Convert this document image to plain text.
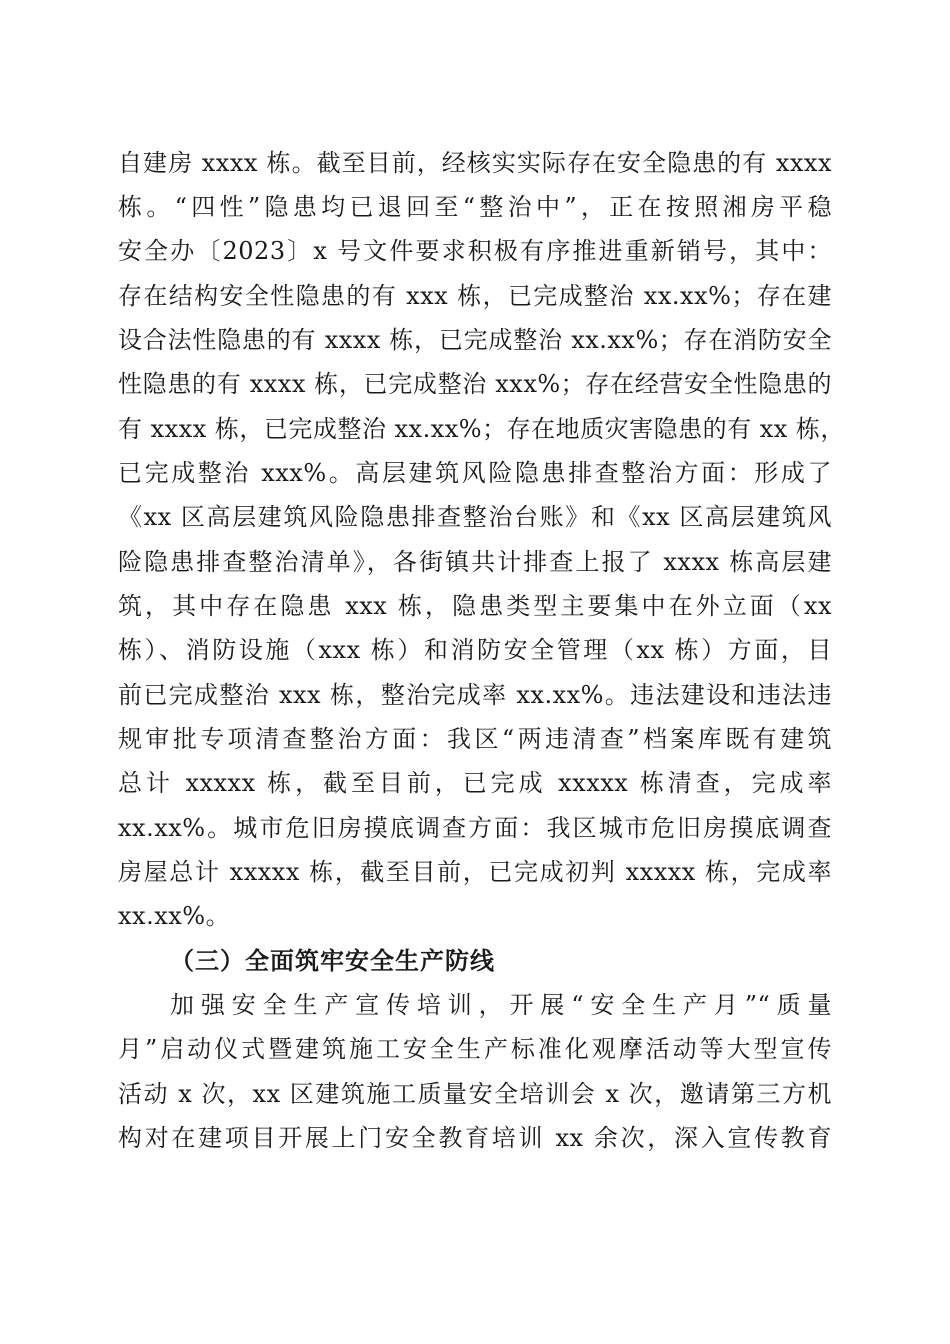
自建房 xxxx 栋。截至目前，经核实实际存在安全隐患的有 xxxx
栋。“四性”隐患均已退回至“整治中”，正在按照湘房平稳
安全办〔2023〕x 号文件要求积极有序推进重新销号，其中：
存在结构安全性隐患的有 xxx 栋，已完成整治 xx.xx%；存在建
设合法性隐患的有 xxxx 栋，已完成整治 xx.xx%；存在消防安全
性隐患的有 xxxx 栋，已完成整治 xxx%；存在经营安全性隐患的
有 xxxx 栋，已完成整治 xx.xx%；存在地质灾害隐患的有 xx 栋，
已完成整治 xxx%。高层建筑风险隐患排查整治方面：形成了
《xx 区高层建筑风险隐患排查整治台账》和《xx 区高层建筑风
险隐患排查整治清单》，各街镇共计排查上报了 xxxx 栋高层建
筑，其中存在隐患 xxx 栋，隐患类型主要集中在外立面（xx
栋）、消防设施（xxx 栋）和消防安全管理（xx 栋）方面，目
前已完成整治 xxx 栋，整治完成率 xx.xx%。违法建设和违法违
规审批专项清查整治方面：我区“两违清查”档案库既有建筑
总计 xxxxx 栋，截至目前，已完成 xxxxx 栋清查，完成率
xx.xx%。城市危旧房摸底调查方面：我区城市危旧房摸底调查
房屋总计 xxxxx 栋，截至目前，已完成初判 xxxxx 栋，完成率
xx.xx%。
（三）全面筑牢安全生产防线
加强安全生产宣传培训，开展“安全生产月”“质量
月”启动仪式暨建筑施工安全生产标准化观摩活动等大型宣传
活动 x 次，xx 区建筑施工质量安全培训会 x 次，邀请第三方机
构对在建项目开展上门安全教育培训 xx 余次，深入宣传教育
